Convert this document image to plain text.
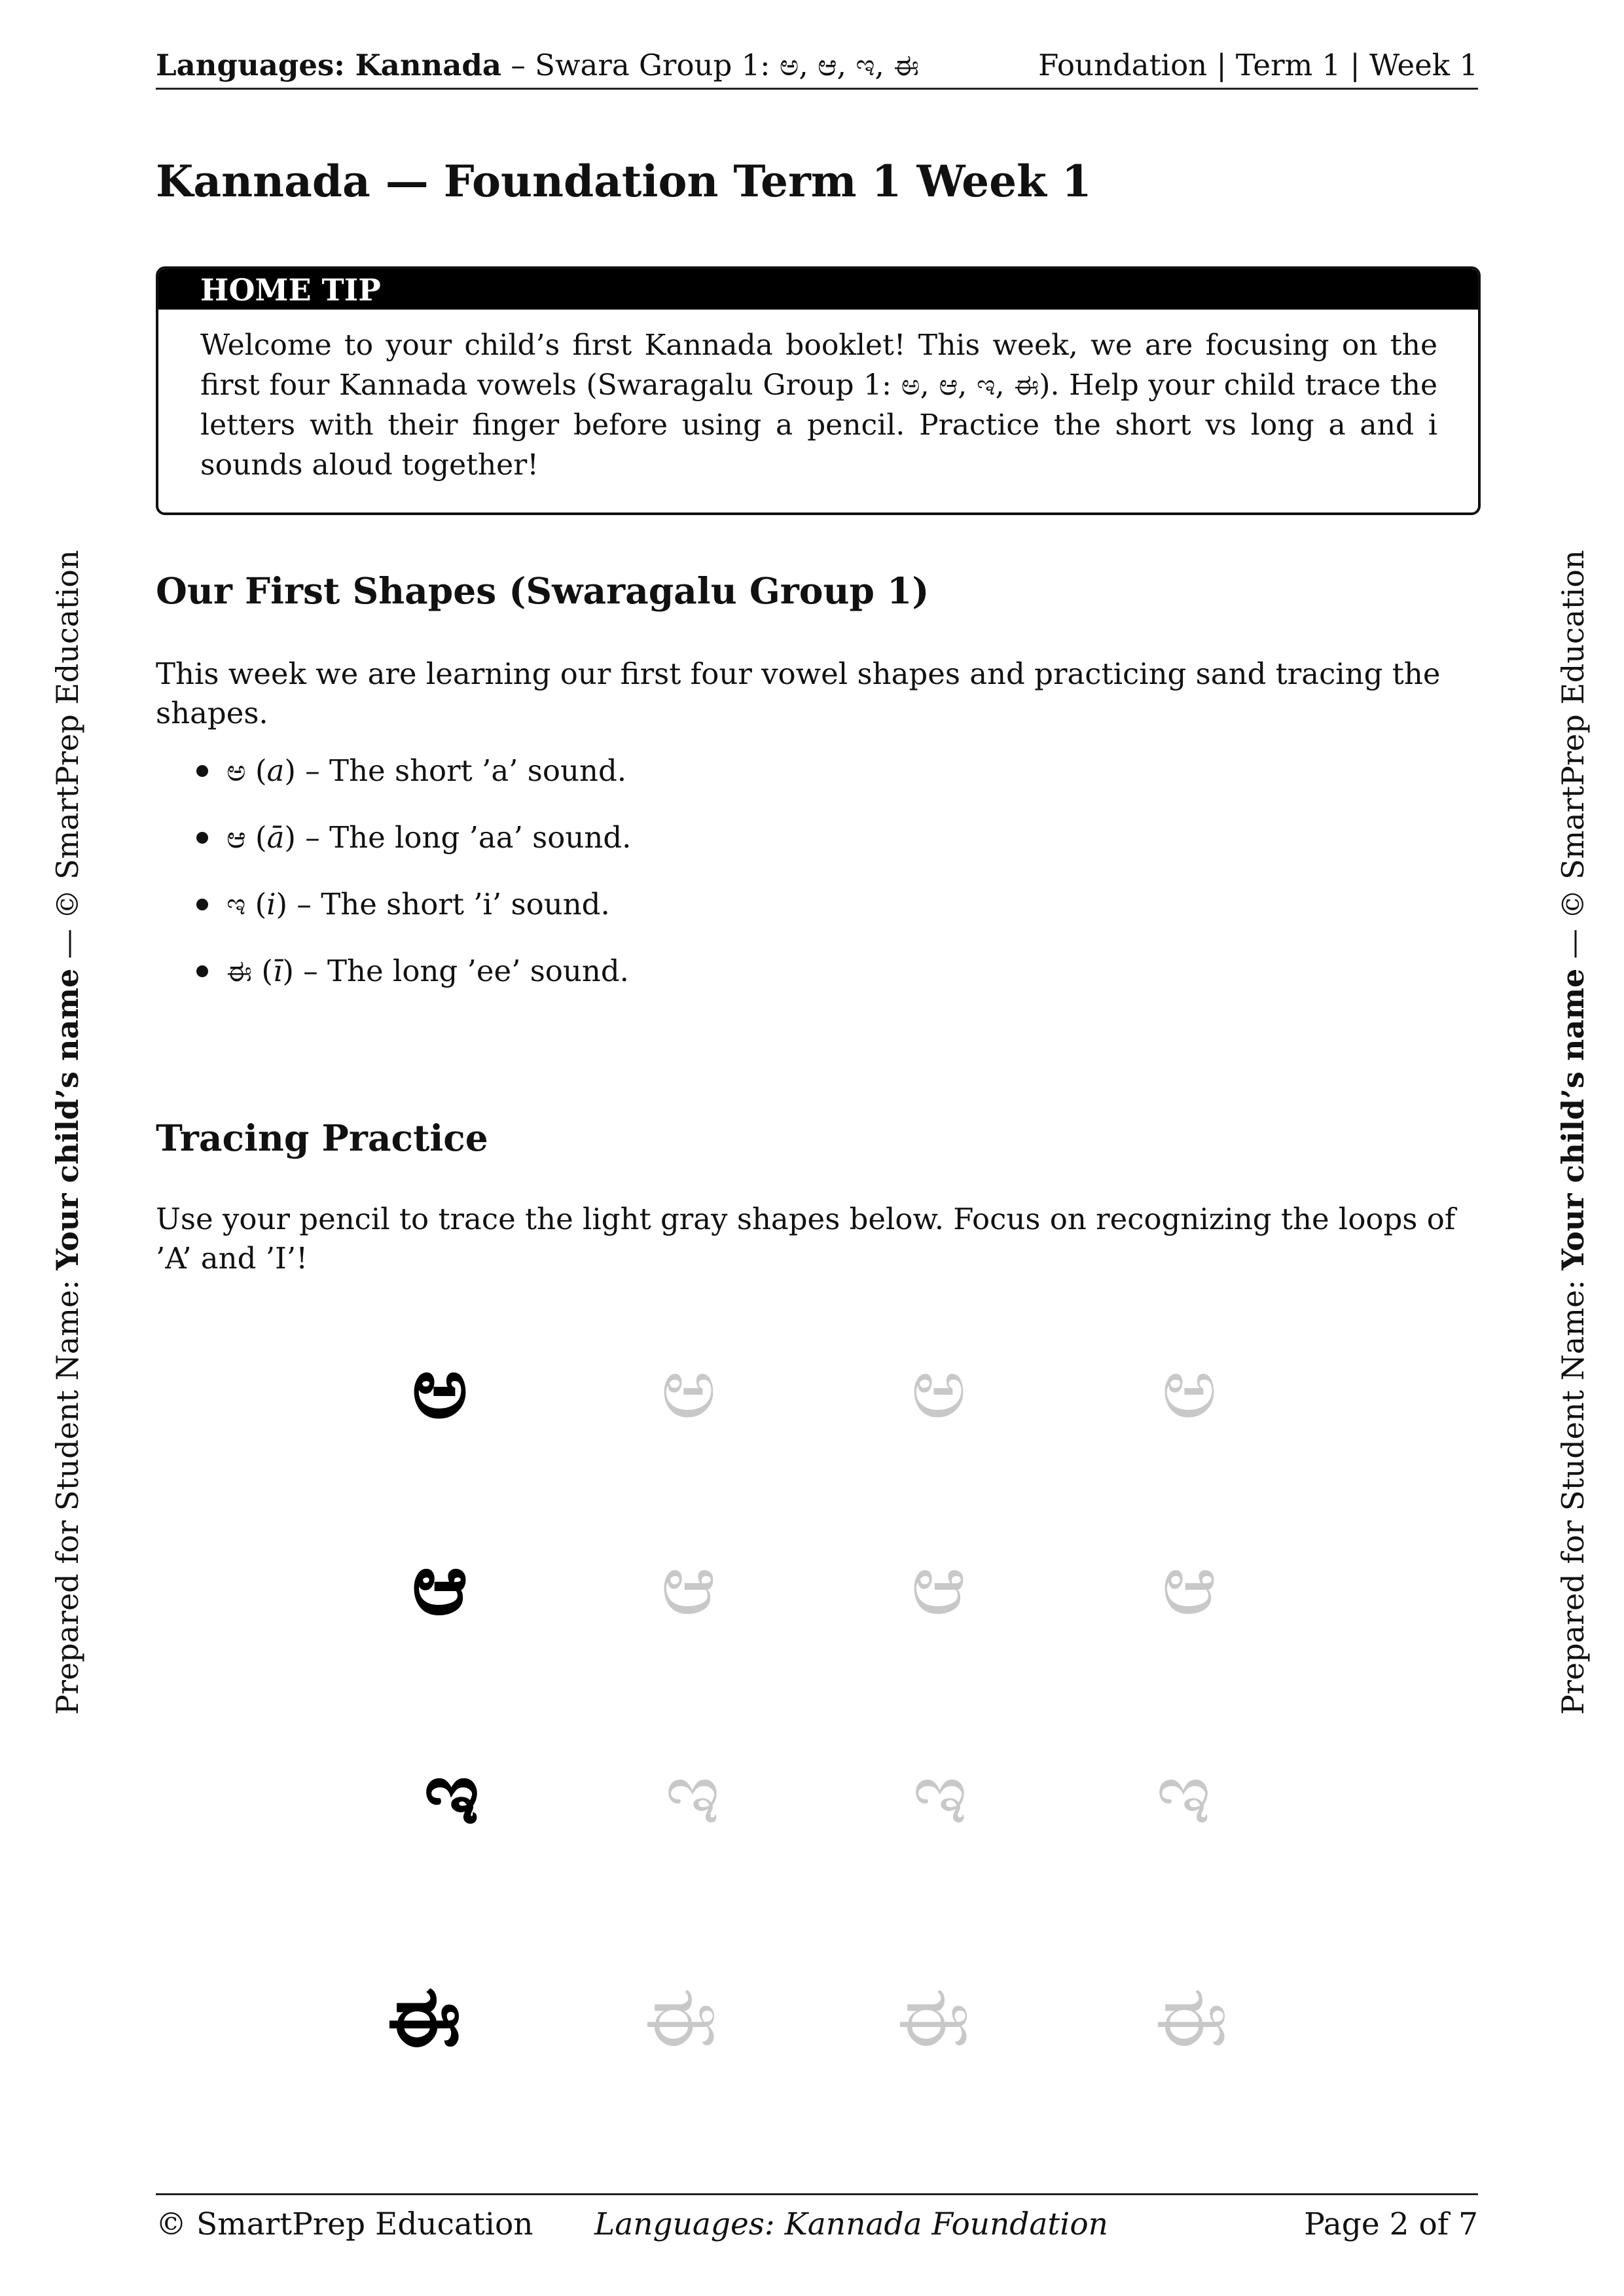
Languages: Kannada – Swara Group 1: ಅ, ಆ, ಇ, ಈ	Foundation | Term 1 | Week 1
Prepared for Student Name: Your child’s name — © SmartPrep Education
Prepared for Student Name: Your child’s name — © SmartPrep Education
Kannada — Foundation Term 1 Week 1
HOME TIP
Welcome to your child’s first Kannada booklet! This week, we are focusing on the first four Kannada vowels (Swaragalu Group 1: ಅ, ಆ, ಇ, ಈ). Help your child trace the letters with their finger before using a pencil. Practice the short vs long a and i sounds aloud together!
Our First Shapes (Swaragalu Group 1)

This week we are learning our first four vowel shapes and practicing sand tracing the shapes.

ಅ (a) – The short ’a’ sound.
ಆ (ā) – The long ’aa’ sound.
ಇ (i) – The short ’i’ sound.
ಈ (ī) – The long ’ee’ sound.
Tracing Practice

Use your pencil to trace the light gray shapes below. Focus on recognizing the loops of ’A’ and ’I’!

ಅ	ಅ	ಅ	ಅ
ಆ	ಆ	ಆ	ಆ
ಇ	ಇ	ಇ	ಇ
ಈ	ಈ	ಈ	ಈ
© SmartPrep Education Languages: Kannada Foundation	Page 2 of 7
